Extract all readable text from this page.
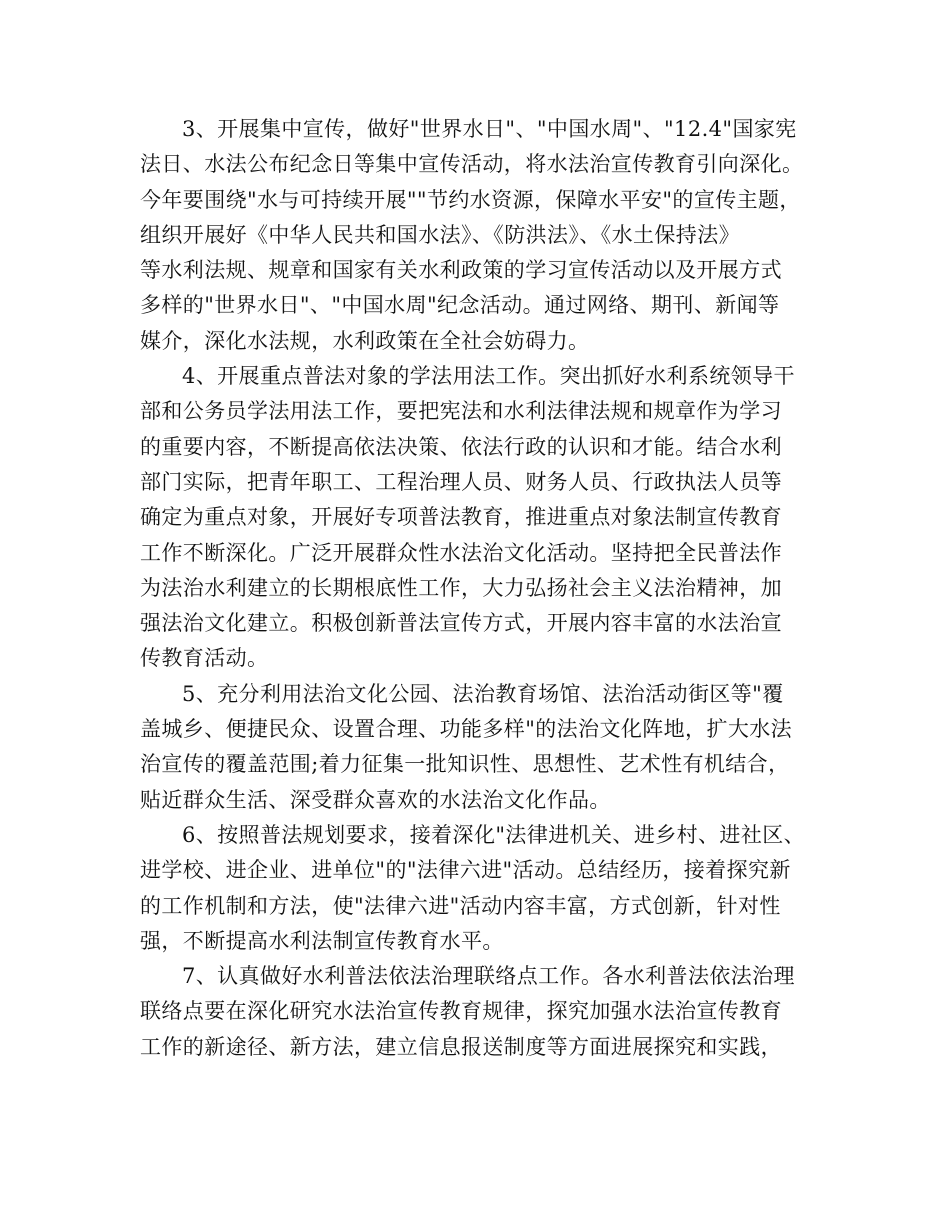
3、开展集中宣传，做好"世界水日"、"中国水周"、"12.4"国家宪
法日、水法公布纪念日等集中宣传活动，将水法治宣传教育引向深化。
今年要围绕"水与可持续开展""节约水资源，保障水平安"的宣传主题，
组织开展好《中华人民共和国水法》、《防洪法》、《水土保持法》
等水利法规、规章和国家有关水利政策的学习宣传活动以及开展方式
多样的"世界水日"、"中国水周"纪念活动。通过网络、期刊、新闻等
媒介，深化水法规，水利政策在全社会妨碍力。

4、开展重点普法对象的学法用法工作。突出抓好水利系统领导干
部和公务员学法用法工作，要把宪法和水利法律法规和规章作为学习
的重要内容，不断提高依法决策、依法行政的认识和才能。结合水利
部门实际，把青年职工、工程治理人员、财务人员、行政执法人员等
确定为重点对象，开展好专项普法教育，推进重点对象法制宣传教育
工作不断深化。广泛开展群众性水法治文化活动。坚持把全民普法作
为法治水利建立的长期根底性工作，大力弘扬社会主义法治精神，加
强法治文化建立。积极创新普法宣传方式，开展内容丰富的水法治宣
传教育活动。

5、充分利用法治文化公园、法治教育场馆、法治活动街区等"覆
盖城乡、便捷民众、设置合理、功能多样"的法治文化阵地，扩大水法
治宣传的覆盖范围;着力征集一批知识性、思想性、艺术性有机结合，
贴近群众生活、深受群众喜欢的水法治文化作品。

6、按照普法规划要求，接着深化"法律进机关、进乡村、进社区、
进学校、进企业、进单位"的"法律六进"活动。总结经历，接着探究新
的工作机制和方法，使"法律六进"活动内容丰富，方式创新，针对性
强，不断提高水利法制宣传教育水平。

7、认真做好水利普法依法治理联络点工作。各水利普法依法治理
联络点要在深化研究水法治宣传教育规律，探究加强水法治宣传教育
工作的新途径、新方法，建立信息报送制度等方面进展探究和实践，
